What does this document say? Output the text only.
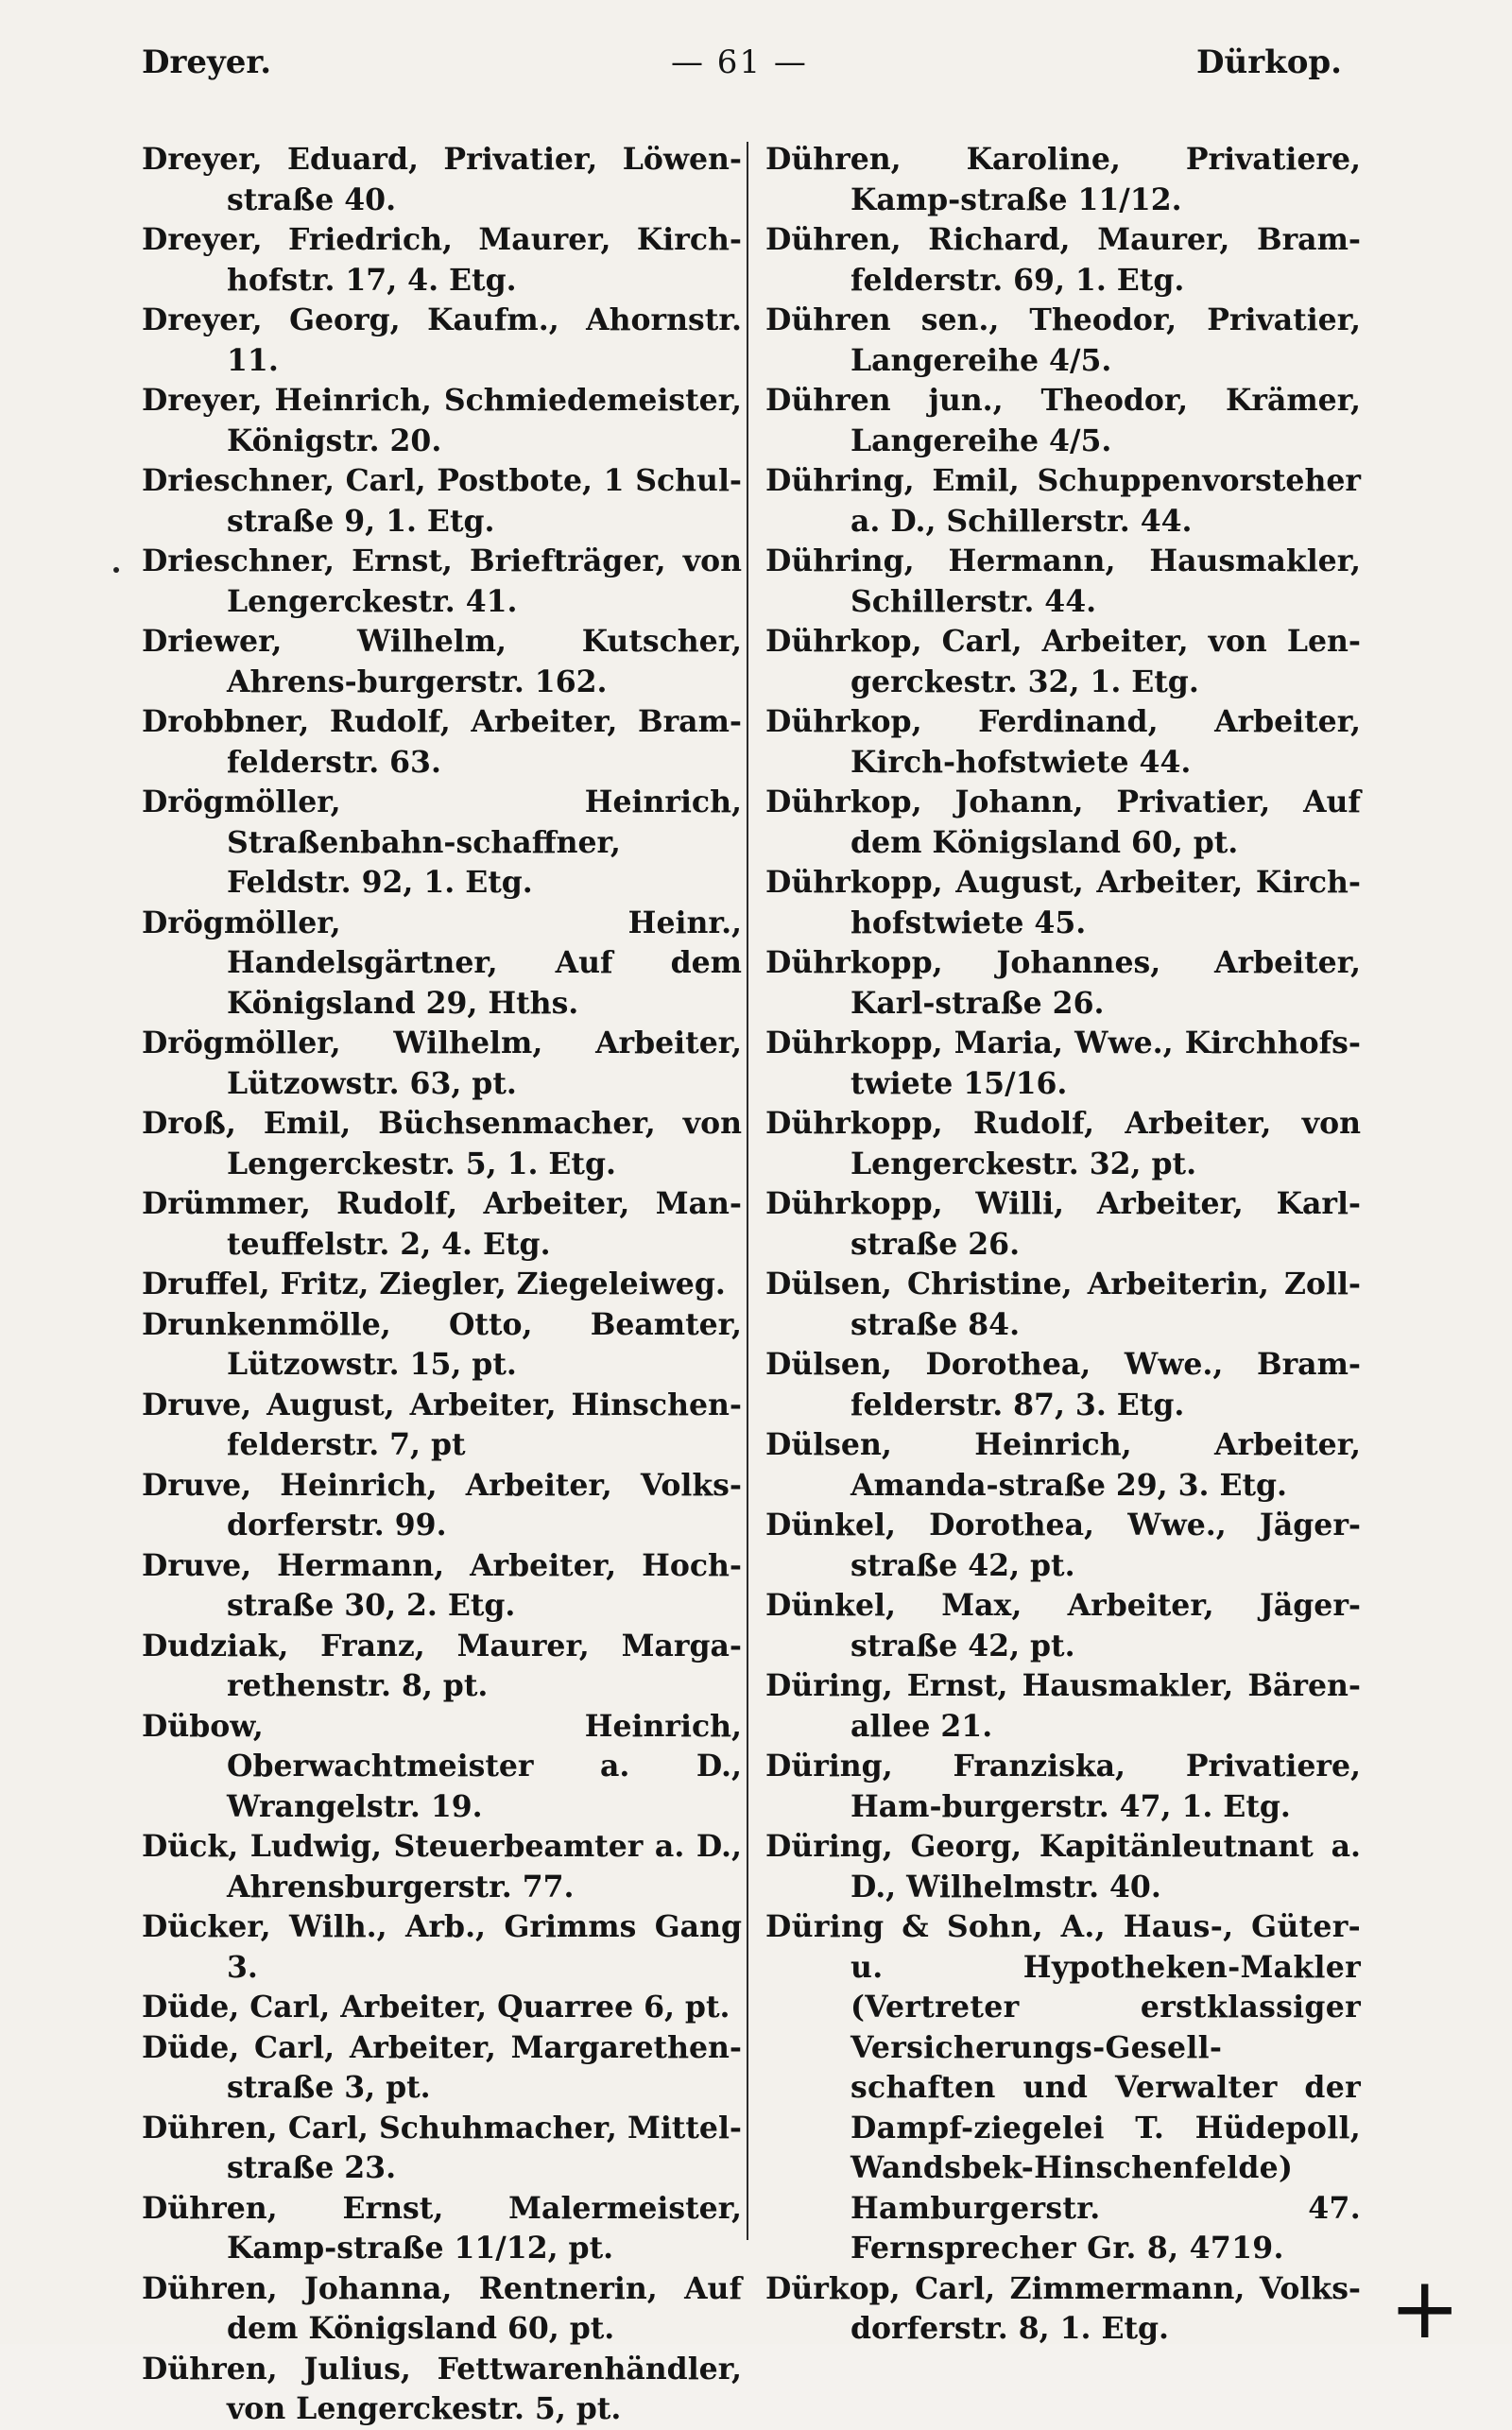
Dreyer.	— 61 —	Dürkop.

Dreyer, Eduard, Privatier, Löwen-straße 40.

Dreyer, Friedrich, Maurer, Kirch-hofstr. 17, 4. Etg.

Dreyer, Georg, Kaufm., Ahornstr. 11.

Dreyer, Heinrich, Schmiedemeister, Königstr. 20.

Drieschner, Carl, Postbote, 1 Schul-straße 9, 1. Etg.

Drieschner, Ernst, Briefträger, von Lengerckestr. 41.

Driewer, Wilhelm, Kutscher, Ahrens-burgerstr. 162.

Drobbner, Rudolf, Arbeiter, Bram-felderstr. 63.

Drögmöller, Heinrich, Straßenbahn-schaffner, Feldstr. 92, 1. Etg.

Drögmöller, Heinr., Handelsgärtner, Auf dem Königsland 29, Hths.

Drögmöller, Wilhelm, Arbeiter, Lützowstr. 63, pt.

Droß, Emil, Büchsenmacher, von Lengerckestr. 5, 1. Etg.

Drümmer, Rudolf, Arbeiter, Man-teuffelstr. 2, 4. Etg.

Druffel, Fritz, Ziegler, Ziegeleiweg.

Drunkenmölle, Otto, Beamter, Lützowstr. 15, pt.

Druve, August, Arbeiter, Hinschen-felderstr. 7, pt

Druve, Heinrich, Arbeiter, Volks-dorferstr. 99.

Druve, Hermann, Arbeiter, Hoch-straße 30, 2. Etg.

Dudziak, Franz, Maurer, Marga-rethenstr. 8, pt.

Dübow, Heinrich, Oberwachtmeister a. D., Wrangelstr. 19.

Dück, Ludwig, Steuerbeamter a. D., Ahrensburgerstr. 77.

Dücker, Wilh., Arb., Grimms Gang 3.

Düde, Carl, Arbeiter, Quarree 6, pt.

Düde, Carl, Arbeiter, Margarethen-straße 3, pt.

Dühren, Carl, Schuhmacher, Mittel-straße 23.

Dühren, Ernst, Malermeister, Kamp-straße 11/12, pt.

Dühren, Johanna, Rentnerin, Auf dem Königsland 60, pt.

Dühren, Julius, Fettwarenhändler, von Lengerckestr. 5, pt.

Dühren, Karoline, Privatiere, Kamp-straße 11/12.

Dühren, Richard, Maurer, Bram-felderstr. 69, 1. Etg.

Dühren sen., Theodor, Privatier, Langereihe 4/5.

Dühren jun., Theodor, Krämer, Langereihe 4/5.

Dühring, Emil, Schuppenvorsteher a. D., Schillerstr. 44.

Dühring, Hermann, Hausmakler, Schillerstr. 44.

Dührkop, Carl, Arbeiter, von Len-gerckestr. 32, 1. Etg.

Dührkop, Ferdinand, Arbeiter, Kirch-hofstwiete 44.

Dührkop, Johann, Privatier, Auf dem Königsland 60, pt.

Dührkopp, August, Arbeiter, Kirch-hofstwiete 45.

Dührkopp, Johannes, Arbeiter, Karl-straße 26.

Dührkopp, Maria, Wwe., Kirchhofs-twiete 15/16.

Dührkopp, Rudolf, Arbeiter, von Lengerckestr. 32, pt.

Dührkopp, Willi, Arbeiter, Karl-straße 26.

Dülsen, Christine, Arbeiterin, Zoll-straße 84.

Dülsen, Dorothea, Wwe., Bram-felderstr. 87, 3. Etg.

Dülsen, Heinrich, Arbeiter, Amanda-straße 29, 3. Etg.

Dünkel, Dorothea, Wwe., Jäger-straße 42, pt.

Dünkel, Max, Arbeiter, Jäger-straße 42, pt.

Düring, Ernst, Hausmakler, Bären-allee 21.

Düring, Franziska, Privatiere, Ham-burgerstr. 47, 1. Etg.

Düring, Georg, Kapitänleutnant a. D., Wilhelmstr. 40.

Düring & Sohn, A., Haus-, Güter- u. Hypotheken-Makler (Vertreter erstklassiger Versicherungs-Gesell-schaften und Verwalter der Dampf-ziegelei T. Hüdepoll, Wandsbek-Hinschenfelde) Hamburgerstr. 47. Fernsprecher Gr. 8, 4719.

Dürkop, Carl, Zimmermann, Volks-dorferstr. 8, 1. Etg.	+
